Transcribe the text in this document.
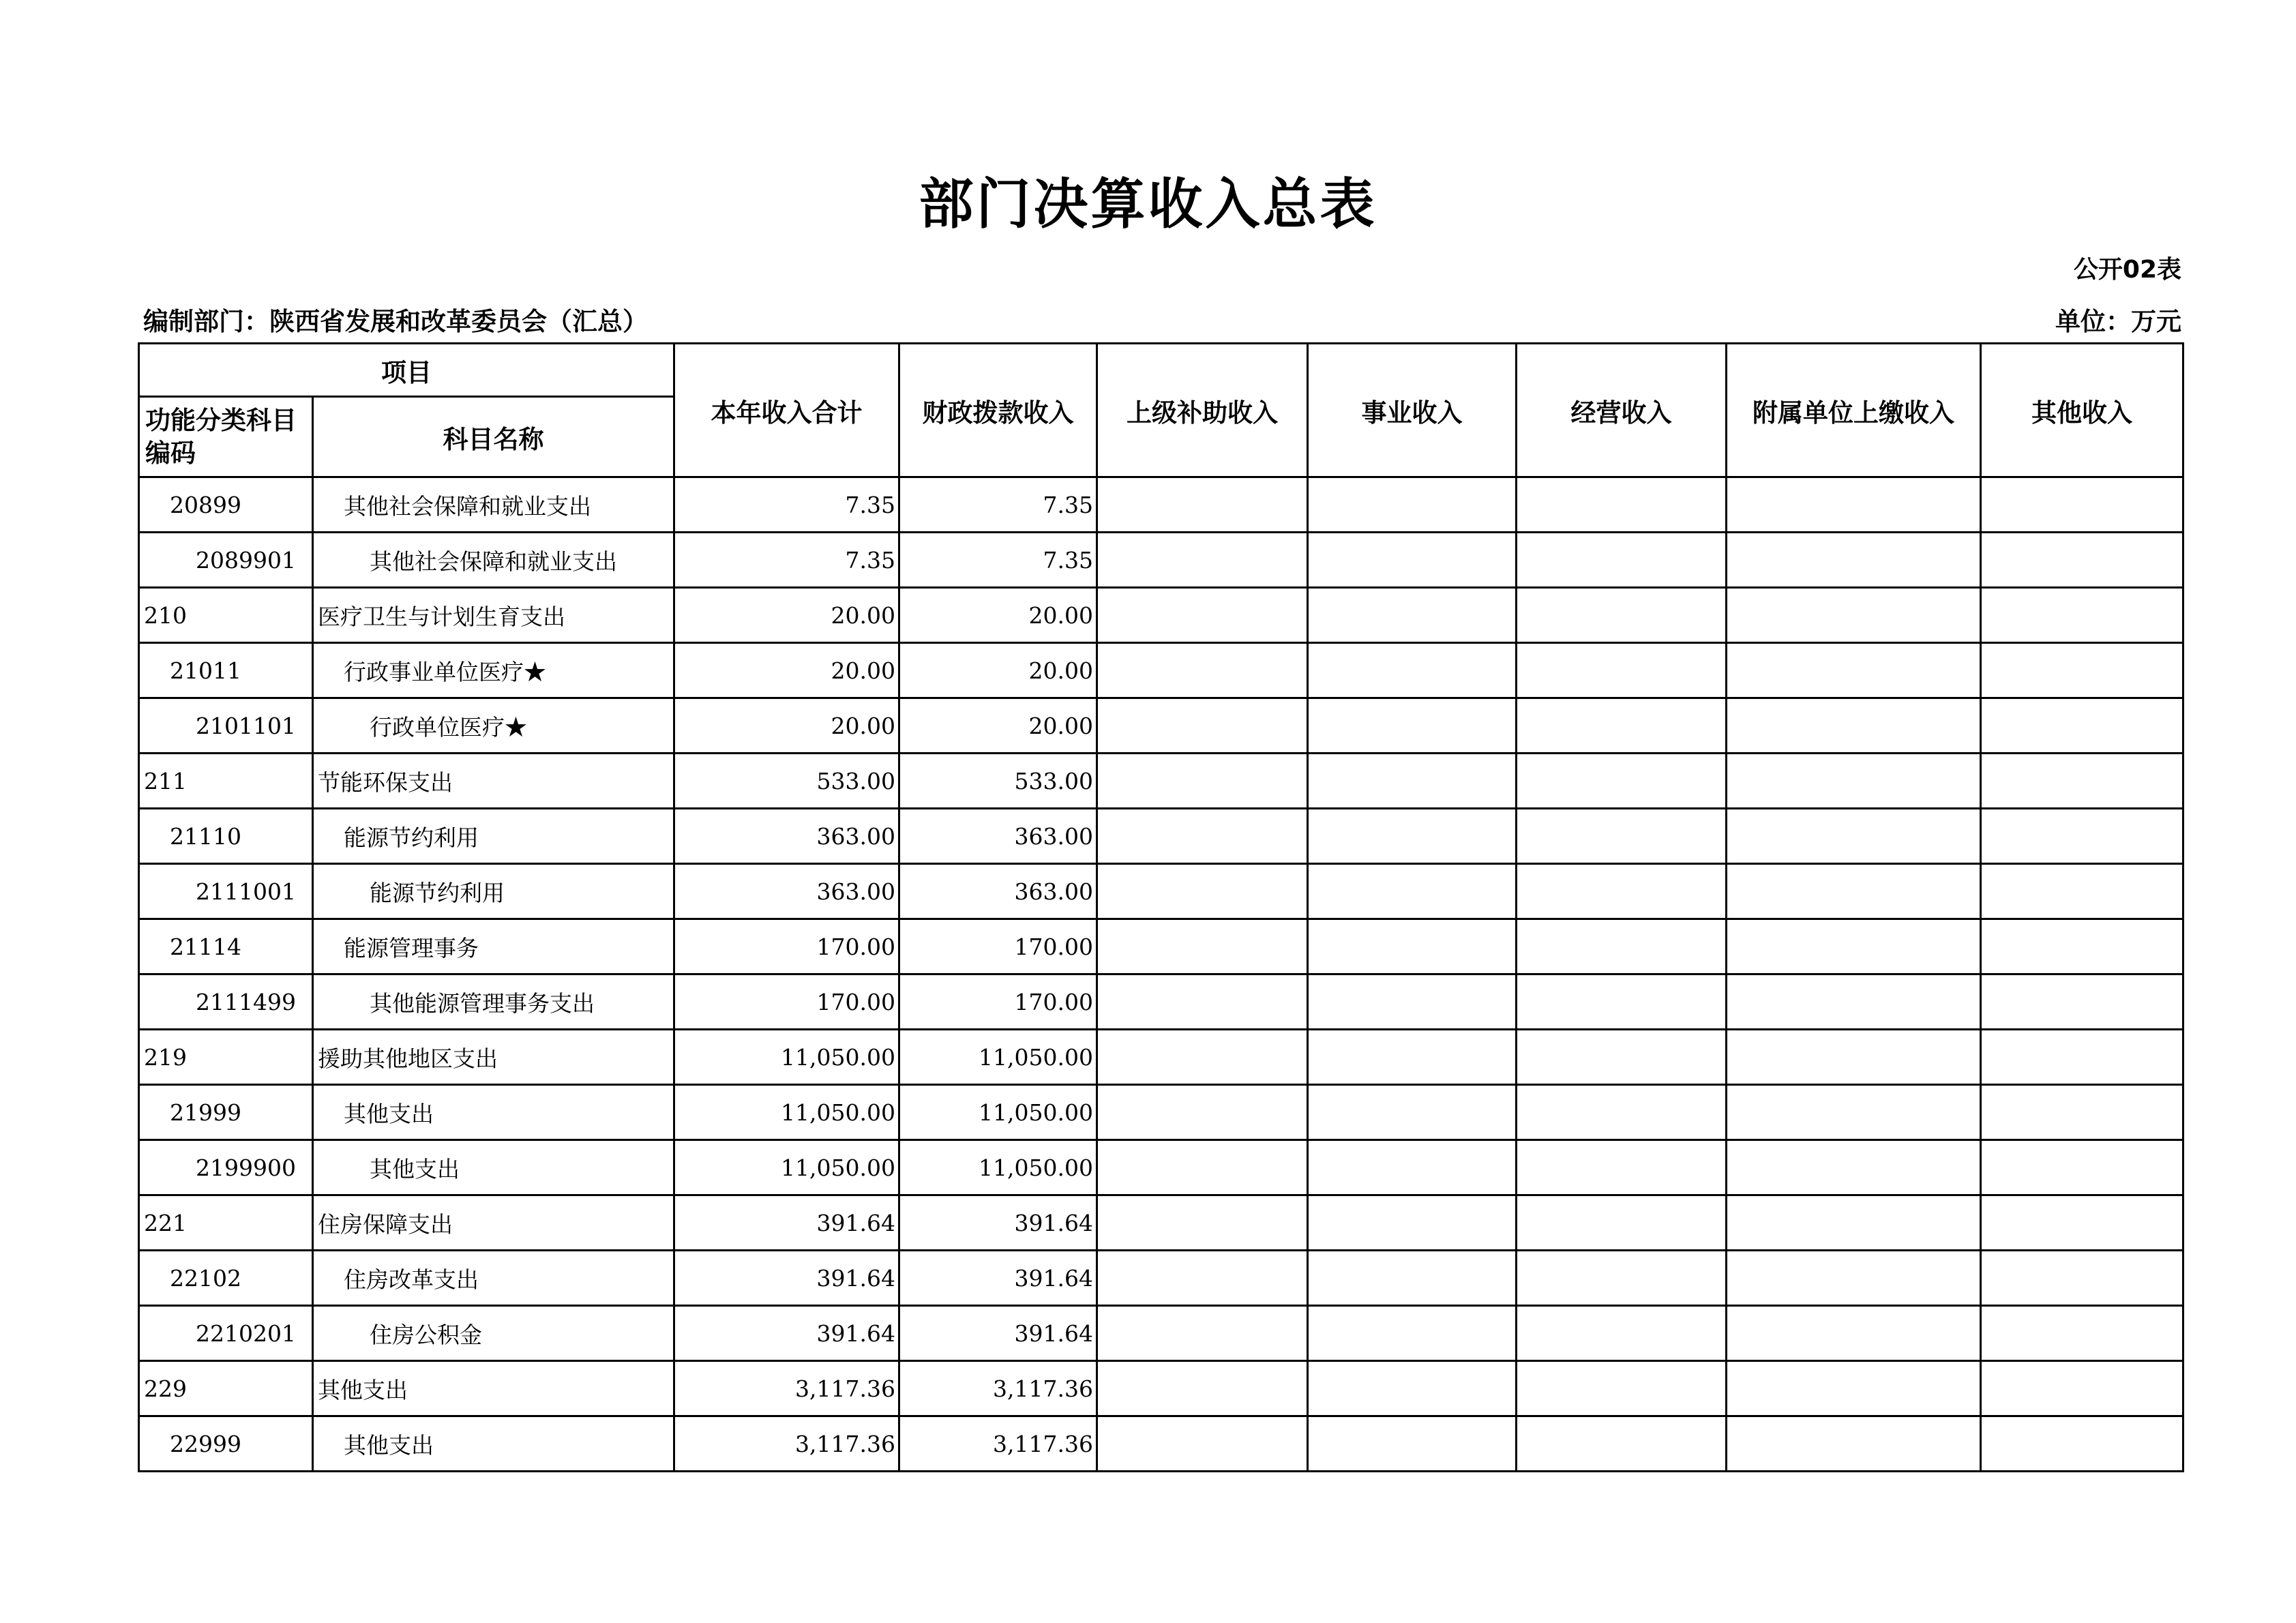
部门决算收入总表
公开02表
编制部门：陕西省发展和改革委员会（汇总）	单位：万元
项目		本年收入合计	财政拨款收入	上级补助收入	事业收入	经营收入	附属单位上缴收入	其他收入
功能分类科目编码	科目名称							
20899	其他社会保障和就业支出	7.35	7.35					
2089901	其他社会保障和就业支出	7.35	7.35					
210	医疗卫生与计划生育支出	20.00	20.00					
21011	行政事业单位医疗★	20.00	20.00					
2101101	行政单位医疗★	20.00	20.00					
211	节能环保支出	533.00	533.00					
21110	能源节约利用	363.00	363.00					
2111001	能源节约利用	363.00	363.00					
21114	能源管理事务	170.00	170.00					
2111499	其他能源管理事务支出	170.00	170.00					
219	援助其他地区支出	11,050.00	11,050.00					
21999	其他支出	11,050.00	11,050.00					
2199900	其他支出	11,050.00	11,050.00					
221	住房保障支出	391.64	391.64					
22102	住房改革支出	391.64	391.64					
2210201	住房公积金	391.64	391.64					
229	其他支出	3,117.36	3,117.36					
22999	其他支出	3,117.36	3,117.36					
